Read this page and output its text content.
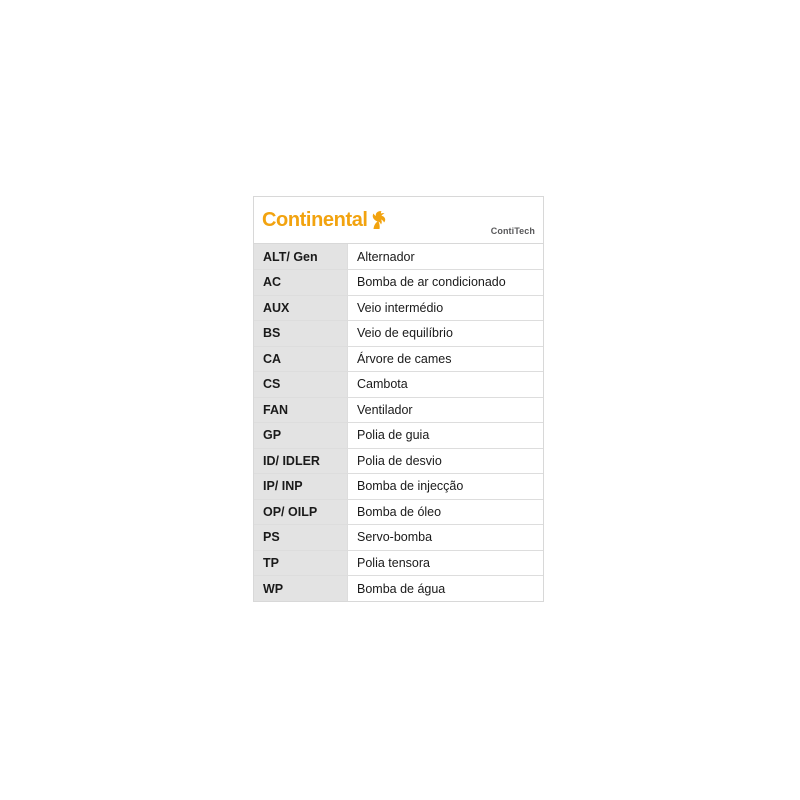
Continental	ContiTech
ALT/ Gen	Alternador
AC	Bomba de ar condicionado
AUX	Veio intermédio
BS	Veio de equilíbrio
CA	Árvore de cames
CS	Cambota
FAN	Ventilador
GP	Polia de guia
ID/ IDLER	Polia de desvio
IP/ INP	Bomba de injecção
OP/ OILP	Bomba de óleo
PS	Servo-bomba
TP	Polia tensora
WP	Bomba de água
